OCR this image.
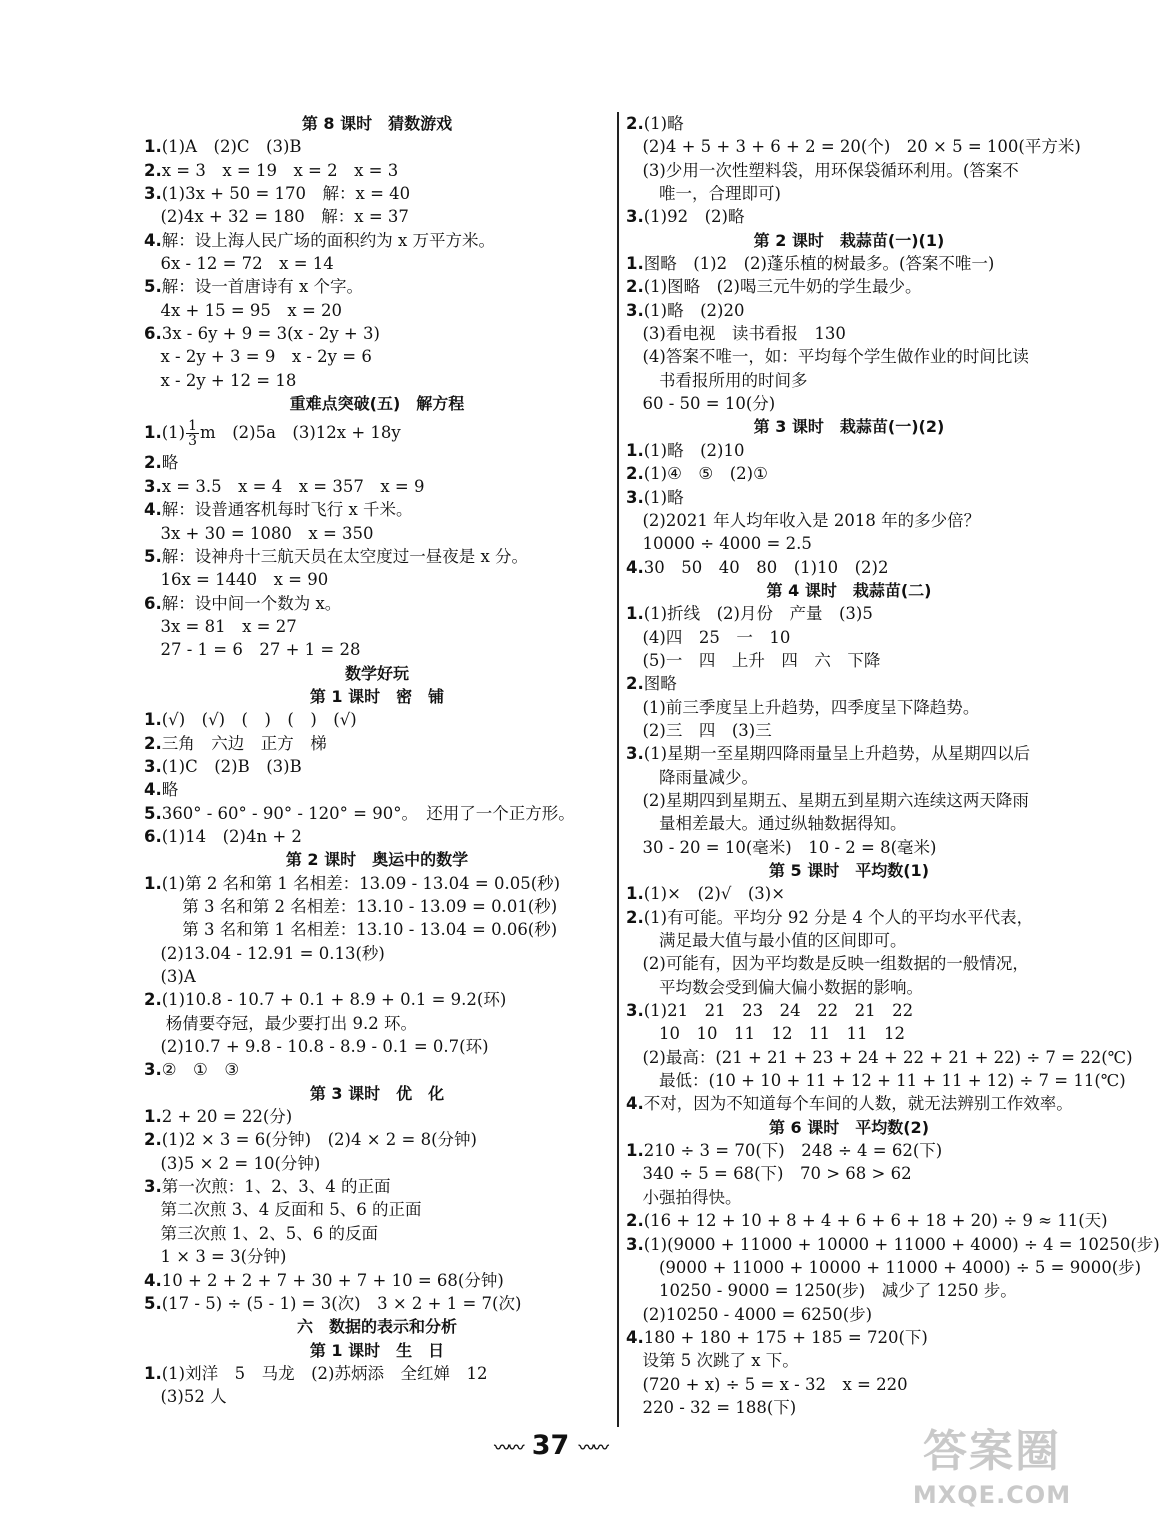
第 8 课时　猜数游戏
1.(1)A　(2)C　(3)B
2.x = 3　x = 19　x = 2　x = 3
3.(1)3x + 50 = 170　解：x = 40
　(2)4x + 32 = 180　解：x = 37
4.解：设上海人民广场的面积约为 x 万平方米。
　6x - 12 = 72　x = 14
5.解：设一首唐诗有 x 个字。
　4x + 15 = 95　x = 20
6.3x - 6y + 9 = 3(x - 2y + 3)
　x - 2y + 3 = 9　x - 2y = 6
　x - 2y + 12 = 18
重难点突破(五)　解方程
$1.(1) \frac{1}{3}$ m　(2)5a　(3)12x + 18y
2.略
3.x = 3.5　x = 4　x = 357　x = 9
4.解：设普通客机每时飞行 x 千米。
　3x + 30 = 1080　x = 350
5.解：设神舟十三航天员在太空度过一昼夜是 x 分。
　16x = 1440　x = 90
6.解：设中间一个数为 x。
　3x = 81　x = 27
　27 - 1 = 6　27 + 1 = 28
数学好玩
第 1 课时　密　铺
1.(√)　(√)　(　)　(　)　(√)
2.三角　六边　正方　梯
3.(1)C　(2)B　(3)B
4.略
5.360° - 60° - 90° - 120° = 90°。　还用了一个正方形。
6.(1)14　(2)4n + 2
第 2 课时　奥运中的数学
1.(1)第 2 名和第 1 名相差：13.09 - 13.04 = 0.05(秒)
　　 第 3 名和第 2 名相差：13.10 - 13.09 = 0.01(秒)
　　 第 3 名和第 1 名相差：13.10 - 13.04 = 0.06(秒)
　(2)13.04 - 12.91 = 0.13(秒)
　(3)A
2.(1)10.8 - 10.7 + 0.1 + 8.9 + 0.1 = 9.2(环)
　 杨倩要夺冠，最少要打出 9.2 环。
　(2)10.7 + 9.8 - 10.8 - 8.9 - 0.1 = 0.7(环)
3.②　①　③
第 3 课时　优　化
1.2 + 20 = 22(分)
2.(1)2 × 3 = 6(分钟)　(2)4 × 2 = 8(分钟)
　(3)5 × 2 = 10(分钟)
3.第一次煎：1、2、3、4 的正面
　第二次煎 3、4 反面和 5、6 的正面
　第三次煎 1、2、5、6 的反面
　1 × 3 = 3(分钟)
4.10 + 2 + 2 + 7 + 30 + 7 + 10 = 68(分钟)
5.(17 - 5) ÷ (5 - 1) = 3(次)　3 × 2 + 1 = 7(次)
六　数据的表示和分析
第 1 课时　生　日
1.(1)刘洋　5　马龙　(2)苏炳添　全红婵　12
　(3)52 人
2.(1)略
　(2)4 + 5 + 3 + 6 + 2 = 20(个)　20 × 5 = 100(平方米)
　(3)少用一次性塑料袋，用环保袋循环利用。(答案不
　　唯一，合理即可)
3.(1)92　(2)略
第 2 课时　栽蒜苗(一)(1)
1.图略　(1)2　(2)蓬乐植的树最多。(答案不唯一)
2.(1)图略　(2)喝三元牛奶的学生最少。
3.(1)略　(2)20
　(3)看电视　读书看报　130
　(4)答案不唯一，如：平均每个学生做作业的时间比读
　　书看报所用的时间多
　60 - 50 = 10(分)
第 3 课时　栽蒜苗(一)(2)
1.(1)略　(2)10
2.(1)④　⑤　(2)①
3.(1)略
　(2)2021 年人均年收入是 2018 年的多少倍？
　10000 ÷ 4000 = 2.5
4.30　50　40　80　(1)10　(2)2
第 4 课时　栽蒜苗(二)
1.(1)折线　(2)月份　产量　(3)5
　(4)四　25　一　10
　(5)一　四　上升　四　六　下降
2.图略
　(1)前三季度呈上升趋势，四季度呈下降趋势。
　(2)三　四　(3)三
3.(1)星期一至星期四降雨量呈上升趋势，从星期四以后
　　降雨量减少。
　(2)星期四到星期五、星期五到星期六连续这两天降雨
　　量相差最大。通过纵轴数据得知。
　30 - 20 = 10(毫米)　10 - 2 = 8(毫米)
第 5 课时　平均数(1)
1.(1)×　(2)√　(3)×
2.(1)有可能。平均分 92 分是 4 个人的平均水平代表，
　　满足最大值与最小值的区间即可。
　(2)可能有，因为平均数是反映一组数据的一般情况，
　　平均数会受到偏大偏小数据的影响。
3.(1)21　21　23　24　22　21　22
　　10　10　11　12　11　11　12
　(2)最高：(21 + 21 + 23 + 24 + 22 + 21 + 22) ÷ 7 = 22(℃)
　　最低：(10 + 10 + 11 + 12 + 11 + 11 + 12) ÷ 7 = 11(℃)
4.不对，因为不知道每个车间的人数，就无法辨别工作效率。
第 6 课时　平均数(2)
1.210 ÷ 3 = 70(下)　248 ÷ 4 = 62(下)
　340 ÷ 5 = 68(下)　70 > 68 > 62
　小强拍得快。
2.(16 + 12 + 10 + 8 + 4 + 6 + 6 + 18 + 20) ÷ 9 ≈ 11(天)
3.(1)(9000 + 11000 + 10000 + 11000 + 4000) ÷ 4 = 10250(步)
　　(9000 + 11000 + 10000 + 11000 + 4000) ÷ 5 = 9000(步)
　　10250 - 9000 = 1250(步)　减少了 1250 步。
　(2)10250 - 4000 = 6250(步)
4.180 + 180 + 175 + 185 = 720(下)
　设第 5 次跳了 x 下。
　(720 + x) ÷ 5 = x - 32　x = 220
　220 - 32 = 188(下)
〰〰 37 〰〰	答案圈
MXQE.COM
